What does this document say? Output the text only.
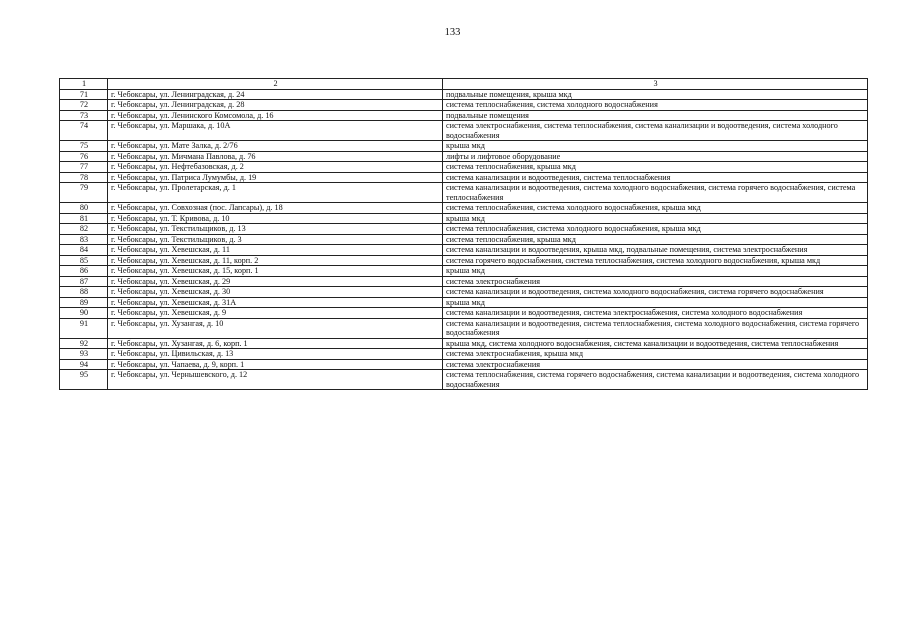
133
1	2	3
71	г. Чебоксары, ул. Ленинградская, д. 24	подвальные помещения, крыша мкд
72	г. Чебоксары, ул. Ленинградская, д. 28	система теплоснабжения, система холодного водоснабжения
73	г. Чебоксары, ул. Ленинского Комсомола, д. 16	подвальные помещения
74	г. Чебоксары, ул. Маршака, д. 10А	система электроснабжения, система теплоснабжения, система канализации и водоотведения, система холодного водоснабжения
75	г. Чебоксары, ул. Мате Залка, д. 2/76	крыша мкд
76	г. Чебоксары, ул. Мичмана Павлова, д. 76	лифты и лифтовое оборудование
77	г. Чебоксары, ул. Нефтебазовская, д. 2	система теплоснабжения, крыша мкд
78	г. Чебоксары, ул. Патриса Лумумбы, д. 19	система канализации и водоотведения, система теплоснабжения
79	г. Чебоксары, ул. Пролетарская, д. 1	система канализации и водоотведения, система холодного водоснабжения, система горячего водоснабжения, система теплоснабжения
80	г. Чебоксары, ул. Совхозная (пос. Лапсары), д. 18	система теплоснабжения, система холодного водоснабжения, крыша мкд
81	г. Чебоксары, ул. Т. Кривова, д. 10	крыша мкд
82	г. Чебоксары, ул. Текстильщиков, д. 13	система теплоснабжения, система холодного водоснабжения, крыша мкд
83	г. Чебоксары, ул. Текстильщиков, д. 3	система теплоснабжения, крыша мкд
84	г. Чебоксары, ул. Хевешская, д. 11	система канализации и водоотведения, крыша мкд, подвальные помещения, система электроснабжения
85	г. Чебоксары, ул. Хевешская, д. 11, корп. 2	система горячего водоснабжения, система теплоснабжения, система холодного водоснабжения, крыша мкд
86	г. Чебоксары, ул. Хевешская, д. 15, корп. 1	крыша мкд
87	г. Чебоксары, ул. Хевешская, д. 29	система электроснабжения
88	г. Чебоксары, ул. Хевешская, д. 30	система канализации и водоотведения, система холодного водоснабжения, система горячего водоснабжения
89	г. Чебоксары, ул. Хевешская, д. 31А	крыша мкд
90	г. Чебоксары, ул. Хевешская, д. 9	система канализации и водоотведения, система электроснабжения, система холодного водоснабжения
91	г. Чебоксары, ул. Хузангая, д. 10	система канализации и водоотведения, система теплоснабжения, система холодного водоснабжения, система горячего водоснабжения
92	г. Чебоксары, ул. Хузангая, д. 6, корп. 1	крыша мкд, система холодного водоснабжения, система канализации и водоотведения, система теплоснабжения
93	г. Чебоксары, ул. Цивильская, д. 13	система электроснабжения, крыша мкд
94	г. Чебоксары, ул. Чапаева, д. 9, корп. 1	система электроснабжения
95	г. Чебоксары, ул. Чернышевского, д. 12	система теплоснабжения, система горячего водоснабжения, система канализации и водоотведения, система холодного водоснабжения
